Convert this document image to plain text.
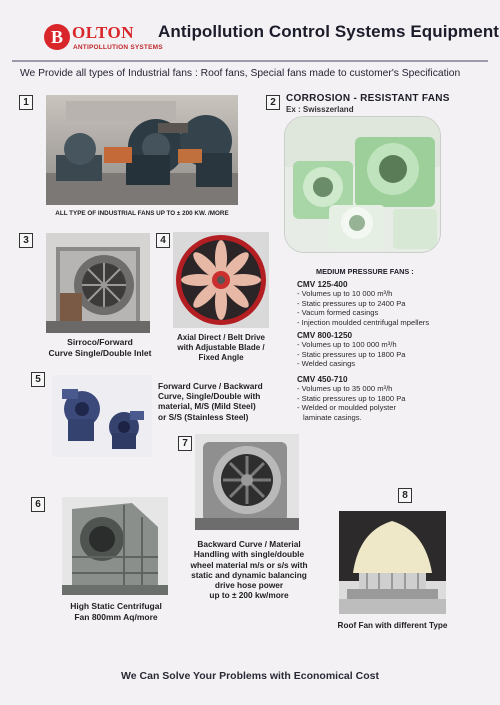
B OLTON
ANTIPOLLUTION SYSTEMS
Antipollution Control Systems Equipment
We Provide all types of Industrial fans : Roof fans, Special fans made to customer's Specification
1
ALL TYPE OF INDUSTRIAL FANS UP TO ± 200 KW. /MORE
2	CORROSION - RESISTANT FANS
Ex : Swisszerland
3
Sirroco/Forward
Curve Single/Double Inlet
4
Axial Direct / Belt Drive
with Adjustable Blade /
Fixed Angle
MEDIUM PRESSURE FANS :
CMV 125-400
- Volumes up to 10 000 m³/h
- Static pressures up to 2400 Pa
- Vacum formed casings
- Injection moulded centrifugal mpellers
CMV 800-1250
- Volumes up to 100 000 m³/h
- Static pressures up to 1800 Pa
- Welded casings
CMV 450-710
- Volumes up to 35 000 m³/h
- Static pressures up to 1800 Pa
- Welded or moulded polyster
laminate casings.
5
Forward Curve / Backward
Curve, Single/Double with
material, M/S (Mild Steel)
or S/S (Stainless Steel)
7
Backward Curve / Material
Handling with single/double
wheel material m/s or s/s with
static and dynamic balancing
drive hose power
up to ± 200 kw/more
6
High Static Centrifugal
Fan 800mm Aq/more
8
Roof Fan with different Type
We Can Solve Your Problems with Economical Cost
